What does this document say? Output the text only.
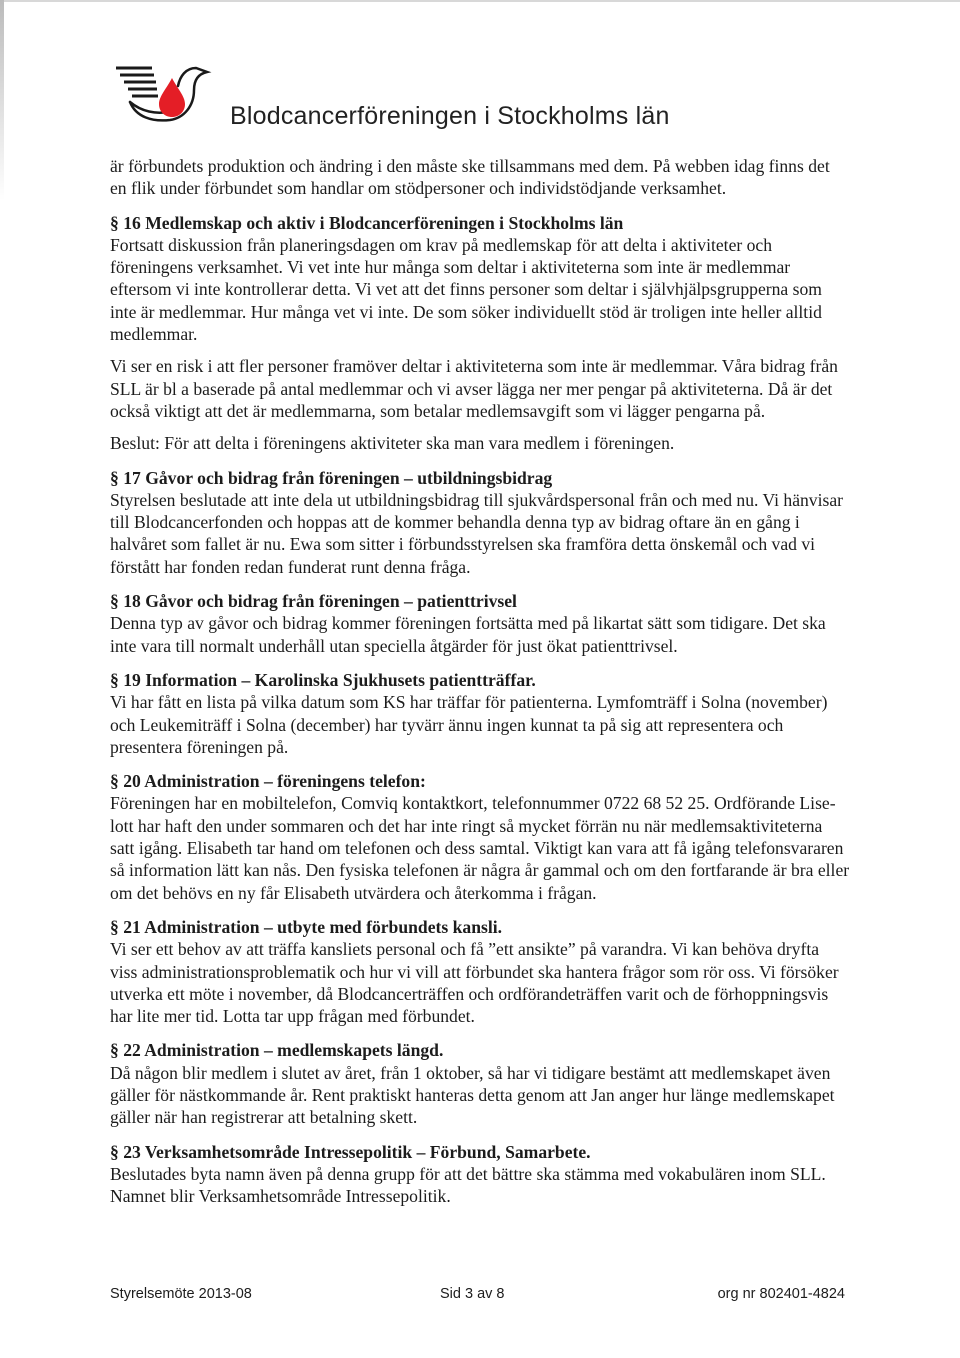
Blodcancerföreningen i Stockholms län

är förbundets produktion och ändring i den måste ske tillsammans med dem. På webben idag finns det en flik under förbundet som handlar om stödpersoner och individstödjande verksamhet.

§ 16 Medlemskap och aktiv i Blodcancerföreningen i Stockholms län

Fortsatt diskussion från planeringsdagen om krav på medlemskap för att delta i aktiviteter och föreningens verksamhet. Vi vet inte hur många som deltar i aktiviteterna som inte är medlemmar eftersom vi inte kontrollerar detta. Vi vet att det finns personer som deltar i självhjälpsgrupperna som inte är medlemmar. Hur många vet vi inte. De som söker individuellt stöd är troligen inte heller alltid medlemmar.

Vi ser en risk i att fler personer framöver deltar i aktiviteterna som inte är medlemmar. Våra bidrag från SLL är bl a baserade på antal medlemmar och vi avser lägga ner mer pengar på aktiviteterna. Då är det också viktigt att det är medlemmarna, som betalar medlemsavgift som vi lägger pengarna på.

Beslut: För att delta i föreningens aktiviteter ska man vara medlem i föreningen.

§ 17 Gåvor och bidrag från föreningen – utbildningsbidrag

Styrelsen beslutade att inte dela ut utbildningsbidrag till sjukvårdspersonal från och med nu. Vi hänvisar till Blodcancerfonden och hoppas att de kommer behandla denna typ av bidrag oftare än en gång i halvåret som fallet är nu. Ewa som sitter i förbundsstyrelsen ska framföra detta önskemål och vad vi förstått har fonden redan funderat runt denna fråga.

§ 18 Gåvor och bidrag från föreningen – patienttrivsel

Denna typ av gåvor och bidrag kommer föreningen fortsätta med på likartat sätt som tidigare. Det ska inte vara till normalt underhåll utan speciella åtgärder för just ökat patienttrivsel.

§ 19 Information – Karolinska Sjukhusets patientträffar.

Vi har fått en lista på vilka datum som KS har träffar för patienterna. Lymfomträff i Solna (november) och Leukemiträff i Solna (december) har tyvärr ännu ingen kunnat ta på sig att representera och presentera föreningen på.

§ 20 Administration – föreningens telefon:

Föreningen har en mobiltelefon, Comviq kontaktkort, telefonnummer 0722 68 52 25. Ordförande Lise-lott har haft den under sommaren och det har inte ringt så mycket förrän nu när medlemsaktiviteterna satt igång. Elisabeth tar hand om telefonen och dess samtal. Viktigt kan vara att få igång telefonsvararen så information lätt kan nås. Den fysiska telefonen är några år gammal och om den fortfarande är bra eller om det behövs en ny får Elisabeth utvärdera och återkomma i frågan.

§ 21 Administration – utbyte med förbundets kansli.

Vi ser ett behov av att träffa kansliets personal och få ”ett ansikte” på varandra. Vi kan behöva dryfta viss administrationsproblematik och hur vi vill att förbundet ska hantera frågor som rör oss. Vi försöker utverka ett möte i november, då Blodcancerträffen och ordförandeträffen varit och de förhoppningsvis har lite mer tid. Lotta tar upp frågan med förbundet.

§ 22 Administration – medlemskapets längd.

Då någon blir medlem i slutet av året, från 1 oktober, så har vi tidigare bestämt att medlemskapet även gäller för nästkommande år. Rent praktiskt hanteras detta genom att Jan anger hur länge medlemskapet gäller när han registrerar att betalning skett.

§ 23 Verksamhetsområde Intressepolitik – Förbund, Samarbete.

Beslutades byta namn även på denna grupp för att det bättre ska stämma med vokabulären inom SLL. Namnet blir Verksamhetsområde Intressepolitik.

Styrelsemöte 2013-08	Sid 3 av 8	org nr 802401-4824
